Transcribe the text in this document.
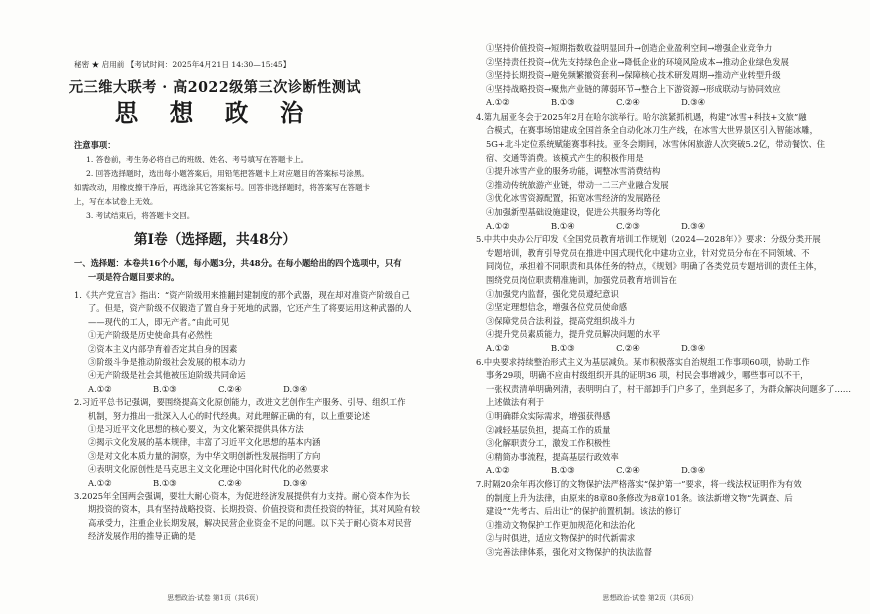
秘密 ★ 启用前 【考试时间：2025年4月21日 14:30—15:45】
元三维大联考 · 高2022级第三次诊断性测试
思 想 政 治
注意事项：
1. 答卷前，考生务必将自己的班级、姓名、考号填写在答题卡上。
2. 回答选择题时，选出每小题答案后，用铅笔把答题卡上对应题目的答案标号涂黑。
如需改动，用橡皮擦干净后，再选涂其它答案标号。回答非选择题时，将答案写在答题卡
上，写在本试卷上无效。
3. 考试结束后，将答题卡交回。
第Ⅰ卷（选择题，共48分）
一、选择题：本卷共16个小题，每小题3分，共48分。在每小题给出的四个选项中，只有
一项是符合题目要求的。
1.《共产党宣言》指出：“资产阶级用来推翻封建制度的那个武器，现在却对准资产阶级自己
了。但是，资产阶级不仅锻造了置自身于死地的武器，它还产生了将要运用这种武器的人
——现代的工人，即无产者。”由此可见
①无产阶级是历史使命具有必然性
②资本主义内部孕育着否定其自身的因素
③阶级斗争是推动阶级社会发展的根本动力
④无产阶级是社会其他被压迫阶级共同命运
A.①②　　　　　B.①③　　　　　C.②④　　　　　D.③④
2.习近平总书记强调，要围绕提高文化原创能力，改进文艺创作生产服务、引导、组织工作
机制，努力推出一批深入人心的时代经典。对此理解正确的有，以上重要论述
①是习近平文化思想的核心要义，为文化繁荣提供具体方法
②揭示文化发展的基本规律，丰富了习近平文化思想的基本内涵
③是对文化本质力量的洞察，为中华文明创新性发展指明了方向
④表明文化原创性是马克思主义文化理论中国化时代化的必然要求
A.①②　　　　　B.①③　　　　　C.②④　　　　　D.③④
3.2025年全国两会强调，要壮大耐心资本，为促进经济发展提供有力支持。耐心资本作为长
期投资的资本，具有坚持战略投资、长期投资、价值投资和责任投资的特征，其对风险有较
高承受力，注重企业长期发展，解决民营企业资金不足的问题。以下关于耐心资本对民营
经济发展作用的推导正确的是
思想政治·试卷 第1页（共6页）
①坚持价值投资→短期指数收益明显回升→创造企业盈利空间→增强企业竞争力
②坚持责任投资→优先支持绿色企业→降低企业的环境风险成本→推动企业绿色发展
③坚持长期投资→避免频繁撤资套利→保障核心技术研发周期→推动产业转型升级
④坚持战略投资→聚焦产业链的薄弱环节→整合上下游资源→形成联动与协同效应
A.①②　　　　　B.①③　　　　　C.②④　　　　　D.③④
4.第九届亚冬会于2025年2月在哈尔滨举行。哈尔滨紧抓机遇，构建“冰雪+科技+文旅”融
合模式，在赛事场馆建成全国首条全自动化冰刀生产线，在冰雪大世界景区引入智能冰雕，
5G+北斗定位系统赋能赛事科技。亚冬会期间，冰雪休闲旅游人次突破5.2亿，带动餐饮、住
宿、交通等消费。该模式产生的积极作用是
①提升冰雪产业的服务功能，调整冰雪消费结构
②推动传统旅游产业链，带动一二三产业融合发展
③优化冰雪资源配置，拓宽冰雪经济的发展路径
④加强新型基础设施建设，促进公共服务均等化
A.①②　　　　　B.①④　　　　　C.②③　　　　　D.③④
5.中共中央办公厅印发《全国党员教育培训工作规划（2024—2028年）》要求：分级分类开展
专题培训，教育引导党员在推进中国式现代化中建功立业，针对党员分布在不同领域、不
同岗位，承担着不同职责和具体任务的特点，《规划》明确了各类党员专题培训的责任主体，
围绕党员岗位职责精准施训，加强党员教育培训旨在
①加强党内监督，强化党员遵纪意识
②坚定理想信念，增强各位党员使命感
③保障党员合法利益，提高党组织战斗力
④提升党员素质能力，提升党员解决问题的水平
A.①②　　　　　B.①③　　　　　C.②④　　　　　D.③④
6.中央要求持续整治形式主义为基层减负。某市积极落实自治规组工作事项60项，协助工作
事务29项，明确不应由村级组织开具的证明36 项，村民会事增减少，哪些事可以不干，
一张权责清单明确列清，表明明白了，村干部卸手门户多了，坐到起多了，为群众解决问题多了……
上述做法有利于
①明确群众实际需求，增强获得感
②减轻基层负担，提高工作的质量
③化解职责分工，激发工作积极性
④精简办事流程，提高基层行政效率
A.①②　　　　　B.①③　　　　　C.②④　　　　　D.③④
7.时隔20余年再次修订的文物保护法严格落实“保护第一”要求，将一线法权证明作为有效
的制度上升为法律，由原来的8章80条修改为8章101条。该法新增文物“先调查、后
建设”“先考古、后出让”的保护前置机制。该法的修订
①推动文物保护工作更加规范化和法治化
②与时俱进，适应文物保护的时代新需求
③完善法律体系，强化对文物保护的执法监督
思想政治·试卷 第2页（共6页）
